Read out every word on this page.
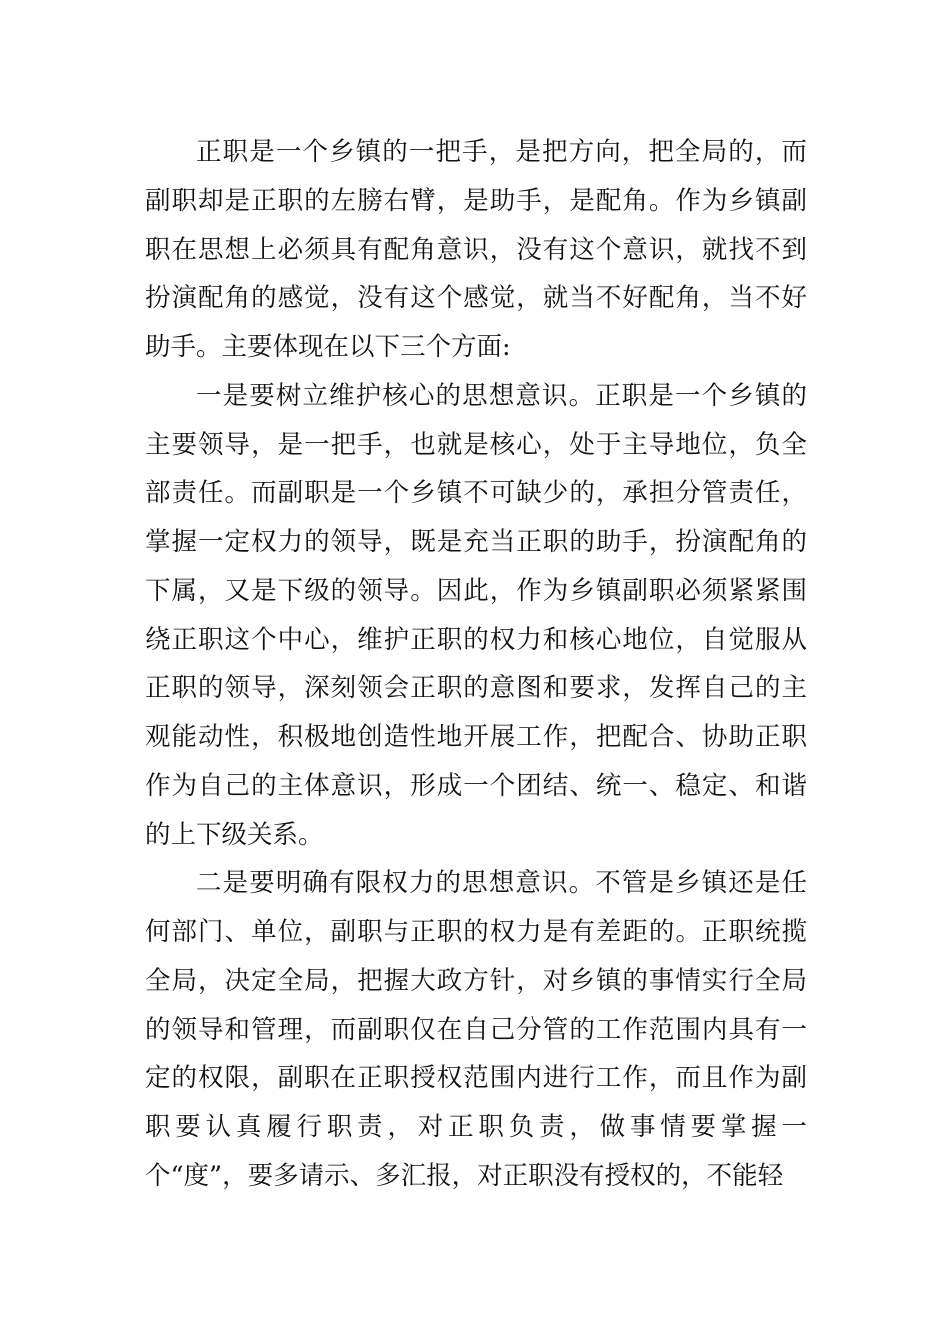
正职是一个乡镇的一把手，是把方向，把全局的，而副职却是正职的左膀右臂，是助手，是配角。作为乡镇副职在思想上必须具有配角意识，没有这个意识，就找不到扮演配角的感觉，没有这个感觉，就当不好配角，当不好助手。主要体现在以下三个方面:

一是要树立维护核心的思想意识。正职是一个乡镇的主要领导，是一把手，也就是核心，处于主导地位，负全部责任。而副职是一个乡镇不可缺少的，承担分管责任，掌握一定权力的领导，既是充当正职的助手，扮演配角的下属，又是下级的领导。因此，作为乡镇副职必须紧紧围绕正职这个中心，维护正职的权力和核心地位，自觉服从正职的领导，深刻领会正职的意图和要求，发挥自己的主观能动性，积极地创造性地开展工作，把配合、协助正职作为自己的主体意识，形成一个团结、统一、稳定、和谐的上下级关系。

二是要明确有限权力的思想意识。不管是乡镇还是任何部门、单位，副职与正职的权力是有差距的。正职统揽全局，决定全局，把握大政方针，对乡镇的事情实行全局的领导和管理，而副职仅在自己分管的工作范围内具有一定的权限，副职在正职授权范围内进行工作，而且作为副职要认真履行职责，对正职负责，做事情要掌握一个“度”，要多请示、多汇报，对正职没有授权的，不能轻
